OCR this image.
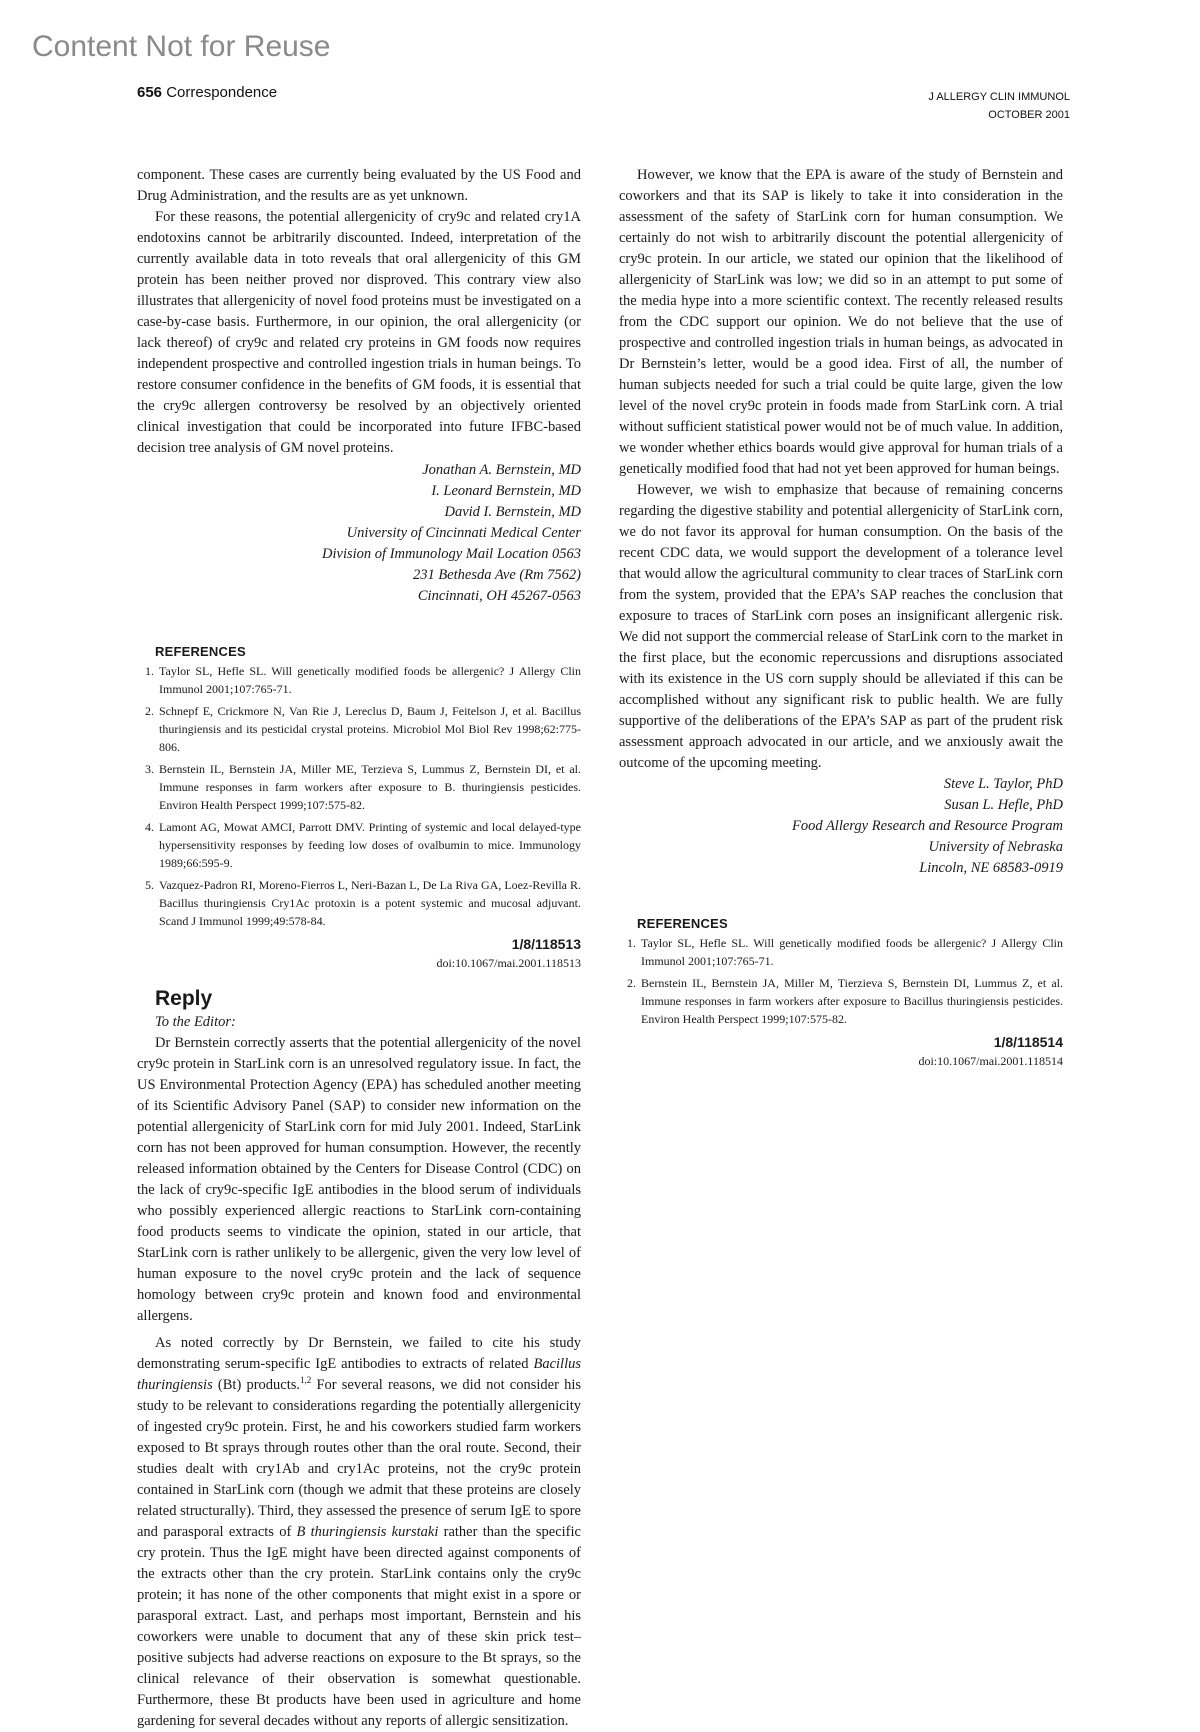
Content Not for Reuse
656 Correspondence	J ALLERGY CLIN IMMUNOL
OCTOBER 2001

component. These cases are currently being evaluated by the US Food and Drug Administration, and the results are as yet unknown.

For these reasons, the potential allergenicity of cry9c and related cry1A endotoxins cannot be arbitrarily discounted. Indeed, interpretation of the currently available data in toto reveals that oral allergenicity of this GM protein has been neither proved nor disproved. This contrary view also illustrates that allergenicity of novel food proteins must be investigated on a case-by-case basis. Furthermore, in our opinion, the oral allergenicity (or lack thereof) of cry9c and related cry proteins in GM foods now requires independent prospective and controlled ingestion trials in human beings. To restore consumer confidence in the benefits of GM foods, it is essential that the cry9c allergen controversy be resolved by an objectively oriented clinical investigation that could be incorporated into future IFBC-based decision tree analysis of GM novel proteins.

Jonathan A. Bernstein, MD

I. Leonard Bernstein, MD

David I. Bernstein, MD

University of Cincinnati Medical Center

Division of Immunology Mail Location 0563

231 Bethesda Ave (Rm 7562)

Cincinnati, OH 45267-0563

REFERENCES

1. Taylor SL, Hefle SL. Will genetically modified foods be allergenic? J Allergy Clin Immunol 2001;107:765-71.
2. Schnepf E, Crickmore N, Van Rie J, Lereclus D, Baum J, Feitelson J, et al. Bacillus thuringiensis and its pesticidal crystal proteins. Microbiol Mol Biol Rev 1998;62:775-806.
3. Bernstein IL, Bernstein JA, Miller ME, Terzieva S, Lummus Z, Bernstein DI, et al. Immune responses in farm workers after exposure to B. thuringiensis pesticides. Environ Health Perspect 1999;107:575-82.
4. Lamont AG, Mowat AMCI, Parrott DMV. Printing of systemic and local delayed-type hypersensitivity responses by feeding low doses of ovalbumin to mice. Immunology 1989;66:595-9.
5. Vazquez-Padron RI, Moreno-Fierros L, Neri-Bazan L, De La Riva GA, Loez-Revilla R. Bacillus thuringiensis Cry1Ac protoxin is a potent systemic and mucosal adjuvant. Scand J Immunol 1999;49:578-84.

1/8/118513

doi:10.1067/mai.2001.118513

Reply

To the Editor:

Dr Bernstein correctly asserts that the potential allergenicity of the novel cry9c protein in StarLink corn is an unresolved regulatory issue. In fact, the US Environmental Protection Agency (EPA) has scheduled another meeting of its Scientific Advisory Panel (SAP) to consider new information on the potential allergenicity of StarLink corn for mid July 2001. Indeed, StarLink corn has not been approved for human consumption. However, the recently released information obtained by the Centers for Disease Control (CDC) on the lack of cry9c-specific IgE antibodies in the blood serum of individuals who possibly experienced allergic reactions to StarLink corn-containing food products seems to vindicate the opinion, stated in our article, that StarLink corn is rather unlikely to be allergenic, given the very low level of human exposure to the novel cry9c protein and the lack of sequence homology between cry9c protein and known food and environmental allergens.

As noted correctly by Dr Bernstein, we failed to cite his study demonstrating serum-specific IgE antibodies to extracts of related Bacillus thuringiensis (Bt) products.$^{1,2}$ For several reasons, we did not consider his study to be relevant to considerations regarding the potentially allergenicity of ingested cry9c protein. First, he and his coworkers studied farm workers exposed to Bt sprays through routes other than the oral route. Second, their studies dealt with cry1Ab and cry1Ac proteins, not the cry9c protein contained in StarLink corn (though we admit that these proteins are closely related structurally). Third, they assessed the presence of serum IgE to spore and parasporal extracts of B thuringiensis kurstaki rather than the specific cry protein. Thus the IgE might have been directed against components of the extracts other than the cry protein. StarLink contains only the cry9c protein; it has none of the other components that might exist in a spore or parasporal extract. Last, and perhaps most important, Bernstein and his coworkers were unable to document that any of these skin prick test–positive subjects had adverse reactions on exposure to the Bt sprays, so the clinical relevance of their observation is somewhat questionable. Furthermore, these Bt products have been used in agriculture and home gardening for several decades without any reports of allergic sensitization.

However, we know that the EPA is aware of the study of Bernstein and coworkers and that its SAP is likely to take it into consideration in the assessment of the safety of StarLink corn for human consumption. We certainly do not wish to arbitrarily discount the potential allergenicity of cry9c protein. In our article, we stated our opinion that the likelihood of allergenicity of StarLink was low; we did so in an attempt to put some of the media hype into a more scientific context. The recently released results from the CDC support our opinion. We do not believe that the use of prospective and controlled ingestion trials in human beings, as advocated in Dr Bernstein’s letter, would be a good idea. First of all, the number of human subjects needed for such a trial could be quite large, given the low level of the novel cry9c protein in foods made from StarLink corn. A trial without sufficient statistical power would not be of much value. In addition, we wonder whether ethics boards would give approval for human trials of a genetically modified food that had not yet been approved for human beings.

However, we wish to emphasize that because of remaining concerns regarding the digestive stability and potential allergenicity of StarLink corn, we do not favor its approval for human consumption. On the basis of the recent CDC data, we would support the development of a tolerance level that would allow the agricultural community to clear traces of StarLink corn from the system, provided that the EPA’s SAP reaches the conclusion that exposure to traces of StarLink corn poses an insignificant allergenic risk. We did not support the commercial release of StarLink corn to the market in the first place, but the economic repercussions and disruptions associated with its existence in the US corn supply should be alleviated if this can be accomplished without any significant risk to public health. We are fully supportive of the deliberations of the EPA’s SAP as part of the prudent risk assessment approach advocated in our article, and we anxiously await the outcome of the upcoming meeting.

Steve L. Taylor, PhD

Susan L. Hefle, PhD

Food Allergy Research and Resource Program

University of Nebraska

Lincoln, NE 68583-0919

REFERENCES

1. Taylor SL, Hefle SL. Will genetically modified foods be allergenic? J Allergy Clin Immunol 2001;107:765-71.
2. Bernstein IL, Bernstein JA, Miller M, Tierzieva S, Bernstein DI, Lummus Z, et al. Immune responses in farm workers after exposure to Bacillus thuringiensis pesticides. Environ Health Perspect 1999;107:575-82.

1/8/118514

doi:10.1067/mai.2001.118514
